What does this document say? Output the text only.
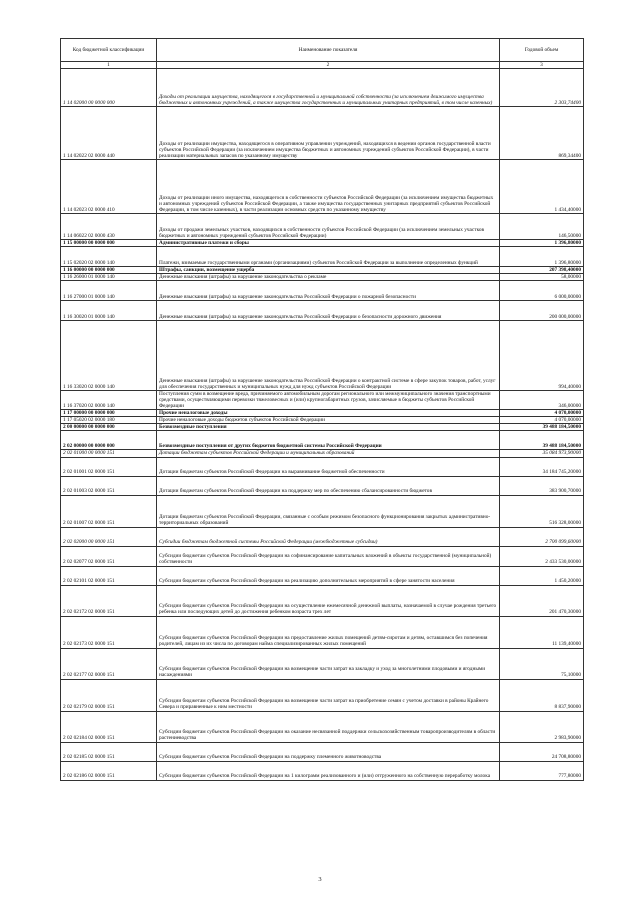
Код бюджетной классификации	Наименование показателя	Годовой объем
1	2	3
1 14 02000 00 0000 000	Доходы от реализации имущества, находящегося в государственной и муниципальной собственности (за исключением движимого имущества бюджетных и автономных учреждений, а также имущества государственных и муниципальных унитарных предприятий, в том числе казенных)	2 303,74400
1 14 02022 02 0000 440	Доходы от реализации имущества, находящегося в оперативном управлении учреждений, находящихся в ведении органов государственной власти субъектов Российской Федерации (за исключением имущества бюджетных и автономных учреждений субъектов Российской Федерации), в части реализации материальных запасов по указанному имуществу	869,34400
1 14 02023 02 0000 410	Доходы от реализации иного имущества, находящегося в собственности субъектов Российской Федерации (за исключением имущества бюджетных и автономных учреждений субъектов Российской Федерации, а также имущества государственных унитарных предприятий субъектов Российской Федерации, в том числе казенных), в части реализации основных средств по указанному имуществу	1 434,40000
1 14 06022 02 0000 430	Доходы от продажи земельных участков, находящихся в собственности субъектов Российской Федерации (за исключением земельных участков бюджетных и автономных учреждений субъектов Российской Федерации)	146,50000
1 15 00000 00 0000 000	Административные платежи и сборы	1 396,80000
1 15 02020 02 0000 140	Платежи, взимаемые государственными органами (организациями) субъектов Российской Федерации за выполнение определенных функций	1 396,80000
1 16 00000 00 0000 000	Штрафы, санкции, возмещение ущерба	207 398,40000
1 16 26000 01 0000 140	Денежные взыскания (штрафы) за нарушение законодательства о рекламе	58,00000
1 16 27000 01 0000 140	Денежные взыскания (штрафы) за нарушение законодательства Российской Федерации о пожарной безопасности	6 000,00000
1 16 30020 01 0000 140	Денежные взыскания (штрафы) за нарушение законодательства Российской Федерации о безопасности дорожного движения	200 000,00000
1 16 33020 02 0000 140	Денежные взыскания (штрафы) за нарушение законодательства Российской Федерации о контрактной системе в сфере закупок товаров, работ, услуг для обеспечения государственных и муниципальных нужд для нужд субъектов Российской Федерации	994,40000
1 16 37020 02 0000 140	Поступления сумм в возмещение вреда, причиняемого автомобильным дорогам регионального или межмуниципального значения транспортными средствами, осуществляющими перевозки тяжеловесных и (или) крупногабаритных грузов, зачисляемые в бюджеты субъектов Российской Федерации	346,00000
1 17 00000 00 0000 000	Прочие неналоговые доходы	4 070,00000
1 17 05020 02 0000 180	Прочие неналоговые доходы бюджетов субъектов Российской Федерации	4 070,00000
2 00 00000 00 0000 000	Безвозмездные поступления	39 488 184,50000
2 02 00000 00 0000 000	Безвозмездные поступления от других бюджетов бюджетной системы Российской Федерации	39 488 184,50000
2 02 01000 00 0000 151	Дотации бюджетам субъектов Российской Федерации и муниципальных образований	35 084 973,90000
2 02 01001 02 0000 151	Дотации бюджетам субъектов Российской Федерации на выравнивание бюджетной обеспеченности	34 184 745,20000
2 02 01003 02 0000 151	Дотации бюджетам субъектов Российской Федерации на поддержку мер по обеспечению сбалансированности бюджетов	383 900,70000
2 02 01007 02 0000 151	Дотации бюджетам субъектов Российской Федерации, связанные с особым режимом безопасного функционирования закрытых административно-территориальных образований	516 328,00000
2 02 02000 00 0000 151	Субсидии бюджетам бюджетной системы Российской Федерации (межбюджетные субсидии)	2 700 099,60000
2 02 02077 02 0000 151	Субсидии бюджетам субъектов Российской Федерации на софинансирование капитальных вложений в объекты государственной (муниципальной) собственности	2 433 530,00000
2 02 02101 02 0000 151	Субсидии бюджетам субъектов Российской Федерации на реализацию дополнительных мероприятий в сфере занятости населения	1 450,20000
2 02 02172 02 0000 151	Субсидии бюджетам субъектов Российской Федерации на осуществление ежемесячной денежной выплаты, назначаемой в случае рождения третьего ребенка или последующих детей до достижения ребенком возраста трех лет	201 470,30000
2 02 02173 02 0000 151	Субсидии бюджетам субъектов Российской Федерации на предоставление жилых помещений детям-сиротам и детям, оставшимся без попечения родителей, лицам из их числа по договорам найма специализированных жилых помещений	11 139,40000
2 02 02177 02 0000 151	Субсидии бюджетам субъектов Российской Федерации на возмещение части затрат на закладку и уход за многолетними плодовыми и ягодными насаждениями	75,10000
2 02 02179 02 0000 151	Субсидии бюджетам субъектов Российской Федерации на возмещение части затрат на приобретение семян с учетом доставки в районы Крайнего Севера и приравненные к ним местности	8 837,90000
2 02 02184 02 0000 151	Субсидии бюджетам субъектов Российской Федерации на оказание несвязанной поддержки сельскохозяйственным товаропроизводителям в области растениеводства	2 983,90000
2 02 02185 02 0000 151	Субсидии бюджетам субъектов Российской Федерации на поддержку племенного животноводства	24 708,80000
2 02 02186 02 0000 151	Субсидии бюджетам субъектов Российской Федерации на 1 килограмм реализованного и (или) отгруженного на собственную переработку молока	777,80000
3
